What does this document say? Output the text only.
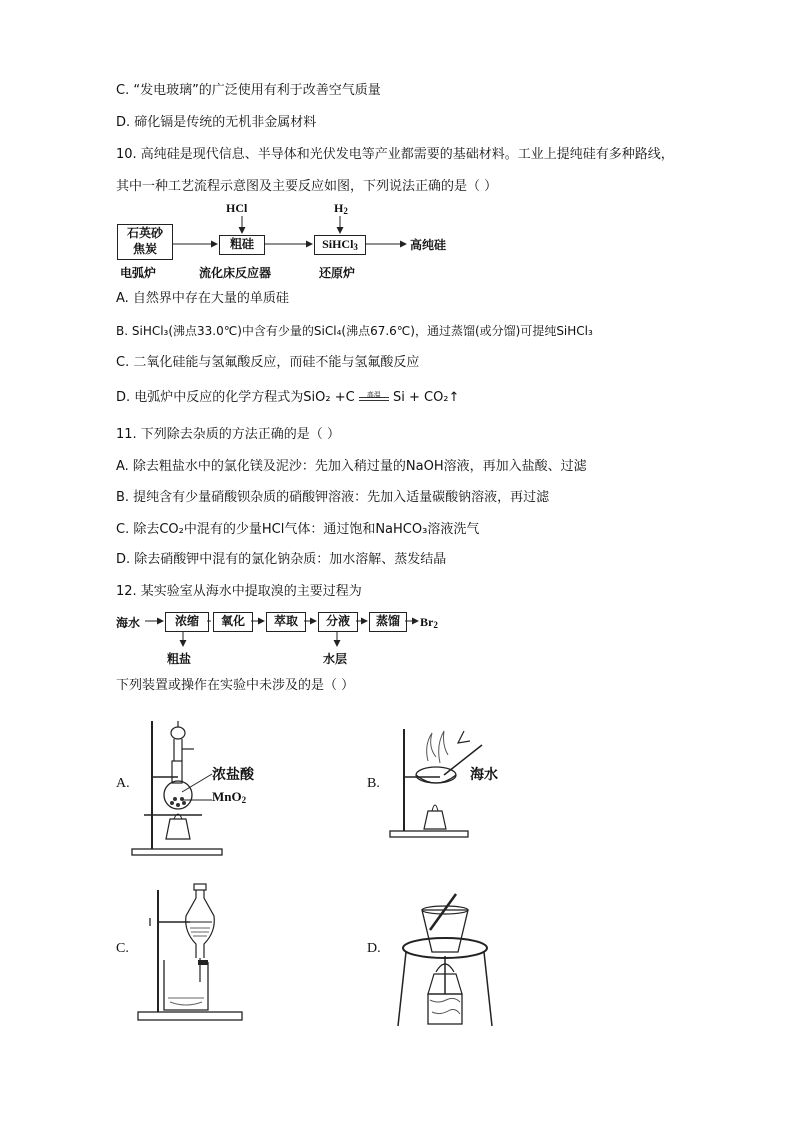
C. “发电玻璃”的广泛使用有利于改善空气质量
D. 碲化镉是传统的无机非金属材料
10. 高纯硅是现代信息、半导体和光伏发电等产业都需要的基础材料。工业上提纯硅有多种路线，
其中一种工艺流程示意图及主要反应如图，下列说法正确的是（ ）
石英砂
焦炭
电弧炉
HCl
粗硅
流化床反应器
H2
SiHCl3
还原炉
高纯硅
A. 自然界中存在大量的单质硅
B. SiHCl₃(沸点33.0℃)中含有少量的SiCl₄(沸点67.6℃)，通过蒸馏(或分馏)可提纯SiHCl₃
C. 二氧化硅能与氢氟酸反应，而硅不能与氢氟酸反应
D. 电弧炉中反应的化学方程式为SiO₂ +C	高温 Si + CO₂↑
11. 下列除去杂质的方法正确的是（ ）
A. 除去粗盐水中的氯化镁及泥沙：先加入稍过量的NaOH溶液，再加入盐酸、过滤
B. 提纯含有少量硝酸钡杂质的硝酸钾溶液：先加入适量碳酸钠溶液，再过滤
C. 除去CO₂中混有的少量HCl气体：通过饱和NaHCO₃溶液洗气
D. 除去硝酸钾中混有的氯化钠杂质：加水溶解、蒸发结晶
12. 某实验室从海水中提取溴的主要过程为
海水	浓缩	氧化	萃取	分液	蒸馏	Br2
粗盐	水层
下列装置或操作在实验中未涉及的是（ ）
A.
浓盐酸
MnO2
B.
海水
C.	D.
